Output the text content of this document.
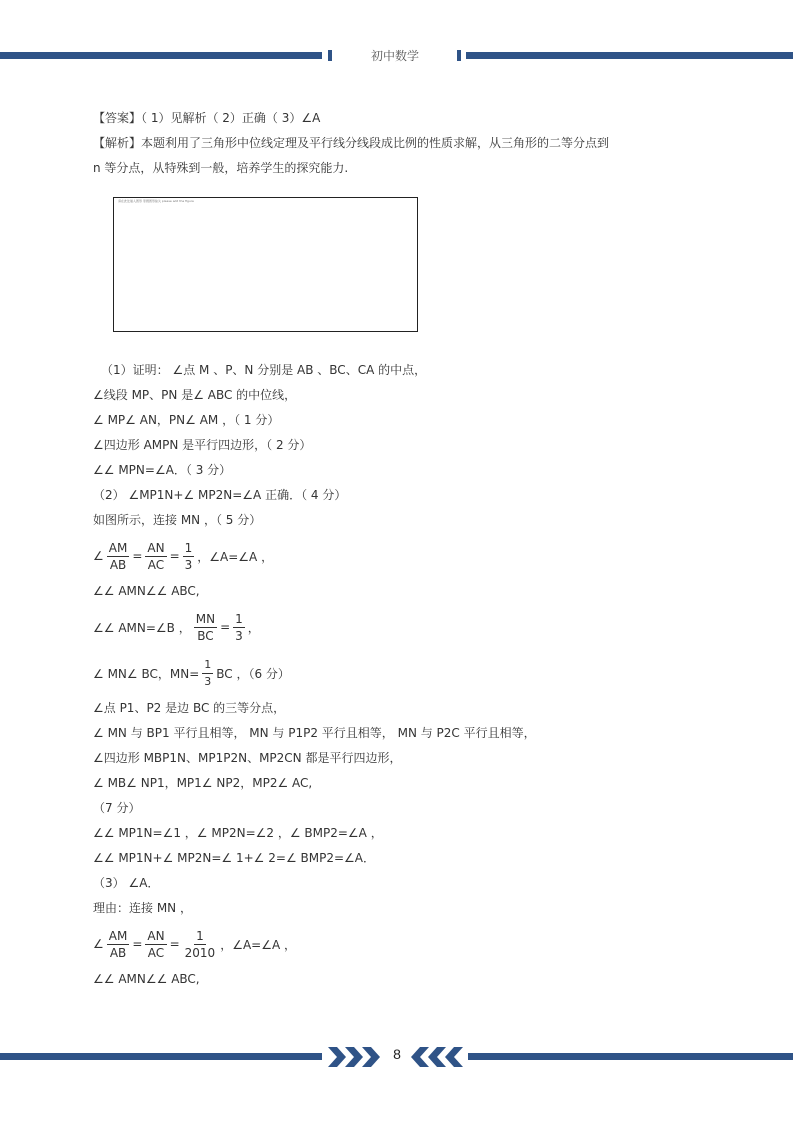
初中数学
【答案】（ 1）见解析（ 2）正确（ 3）∠A
【解析】本题利用了三角形中位线定理及平行线分线段成比例的性质求解，从三角形的二等分点到
n 等分点，从特殊到一般，培养学生的探究能力.
请在此处插入图形 原题图形缺失 please add the figure
（1）证明： ∠点 M 、P、N 分别是 AB 、BC、CA 的中点，
∠线段 MP、PN 是∠ ABC 的中位线，
∠ MP∠ AN，PN∠ AM ，（ 1 分）
∠四边形 AMPN 是平行四边形，（ 2 分）
∠∠ MPN=∠A．（ 3 分）
（2） ∠MP1N+∠ MP2N=∠A 正确．（ 4 分）
如图所示，连接 MN ，（ 5 分）
∠ $\frac{AM}{AB} = \frac{AN}{AC} = \frac{1}{3}$ ，∠A=∠A ，
∠∠ AMN∠∠ ABC,
∠∠ AMN=∠B ， $\frac{MN}{BC} = \frac{1}{3}$ ，
∠ MN∠ BC，$MN= \frac{1}{3}$ BC ，（6 分）
∠点 P1、P2 是边 BC 的三等分点，
∠ MN 与 BP1 平行且相等， MN 与 P1P2 平行且相等， MN 与 P2C 平行且相等，
∠四边形 MBP1N、MP1P2N、MP2CN 都是平行四边形，
∠ MB∠ NP1，MP1∠ NP2，MP2∠ AC,
（7 分）
∠∠ MP1N=∠1 ，∠ MP2N=∠2 ，∠ BMP2=∠A ，
∠∠ MP1N+∠ MP2N=∠ 1+∠ 2=∠ BMP2=∠A．
（3） ∠A．
理由：连接 MN ，
∠ $\frac{AM}{AB} = \frac{AN}{AC} = \frac{1}{2010}$ ，∠A=∠A ，
∠∠ AMN∠∠ ABC,
8
